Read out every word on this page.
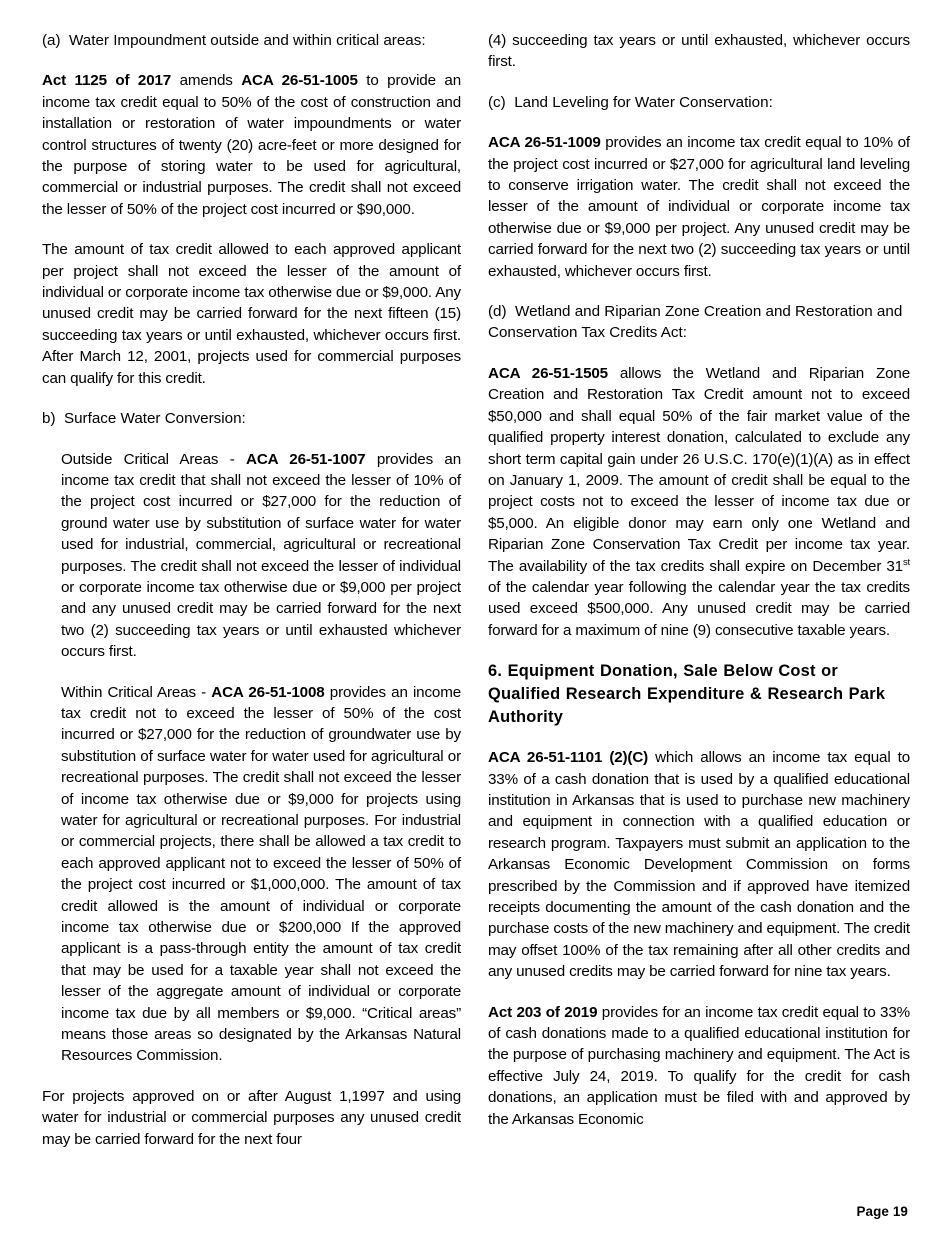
(a) Water Impoundment outside and within critical areas:

Act 1125 of 2017 amends ACA 26-51-1005 to provide an income tax credit equal to 50% of the cost of construction and installation or restoration of water impoundments or water control structures of twenty (20) acre-feet or more designed for the purpose of storing water to be used for agricultural, commercial or industrial purposes. The credit shall not exceed the lesser of 50% of the project cost incurred or $90,000.

The amount of tax credit allowed to each approved applicant per project shall not exceed the lesser of the amount of individual or corporate income tax otherwise due or $9,000. Any unused credit may be carried forward for the next fifteen (15) succeeding tax years or until exhausted, whichever occurs first. After March 12, 2001, projects used for commercial purposes can qualify for this credit.

b) Surface Water Conversion:

Outside Critical Areas - ACA 26-51-1007 provides an income tax credit that shall not exceed the lesser of 10% of the project cost incurred or $27,000 for the reduction of ground water use by substitution of surface water for water used for industrial, commercial, agricultural or recreational purposes. The credit shall not exceed the lesser of individual or corporate income tax otherwise due or $9,000 per project and any unused credit may be carried forward for the next two (2) succeeding tax years or until exhausted whichever occurs first.

Within Critical Areas - ACA 26-51-1008 provides an income tax credit not to exceed the lesser of 50% of the cost incurred or $27,000 for the reduction of groundwater use by substitution of surface water for water used for agricultural or recreational purposes. The credit shall not exceed the lesser of income tax otherwise due or $9,000 for projects using water for agricultural or recreational purposes. For industrial or commercial projects, there shall be allowed a tax credit to each approved applicant not to exceed the lesser of 50% of the project cost incurred or $1,000,000. The amount of tax credit allowed is the amount of individual or corporate income tax otherwise due or $200,000 If the approved applicant is a pass-through entity the amount of tax credit that may be used for a taxable year shall not exceed the lesser of the aggregate amount of individual or corporate income tax due by all members or $9,000. “Critical areas” means those areas so designated by the Arkansas Natural Resources Commission.

For projects approved on or after August 1,1997 and using water for industrial or commercial purposes any unused credit may be carried forward for the next four

(4) succeeding tax years or until exhausted, whichever occurs first.

(c) Land Leveling for Water Conservation:

ACA 26-51-1009 provides an income tax credit equal to 10% of the project cost incurred or $27,000 for agricultural land leveling to conserve irrigation water. The credit shall not exceed the lesser of the amount of individual or corporate income tax otherwise due or $9,000 per project. Any unused credit may be carried forward for the next two (2) succeeding tax years or until exhausted, whichever occurs first.

(d) Wetland and Riparian Zone Creation and Restoration and Conservation Tax Credits Act:

ACA 26-51-1505 allows the Wetland and Riparian Zone Creation and Restoration Tax Credit amount not to exceed $50,000 and shall equal 50% of the fair market value of the qualified property interest donation, calculated to exclude any short term capital gain under 26 U.S.C. 170(e)(1)(A) as in effect on January 1, 2009. The amount of credit shall be equal to the project costs not to exceed the lesser of income tax due or $5,000. An eligible donor may earn only one Wetland and Riparian Zone Conservation Tax Credit per income tax year. The availability of the tax credits shall expire on December 31st of the calendar year following the calendar year the tax credits used exceed $500,000. Any unused credit may be carried forward for a maximum of nine (9) consecutive taxable years.

6. Equipment Donation, Sale Below Cost or Qualified Research Expenditure & Research Park Authority

ACA 26-51-1101 (2)(C) which allows an income tax equal to 33% of a cash donation that is used by a qualified educational institution in Arkansas that is used to purchase new machinery and equipment in connection with a qualified education or research program. Taxpayers must submit an application to the Arkansas Economic Development Commission on forms prescribed by the Commission and if approved have itemized receipts documenting the amount of the cash donation and the purchase costs of the new machinery and equipment. The credit may offset 100% of the tax remaining after all other credits and any unused credits may be carried forward for nine tax years.

Act 203 of 2019 provides for an income tax credit equal to 33% of cash donations made to a qualified educational institution for the purpose of purchasing machinery and equipment. The Act is effective July 24, 2019. To qualify for the credit for cash donations, an application must be filed with and approved by the Arkansas Economic

Page 19
